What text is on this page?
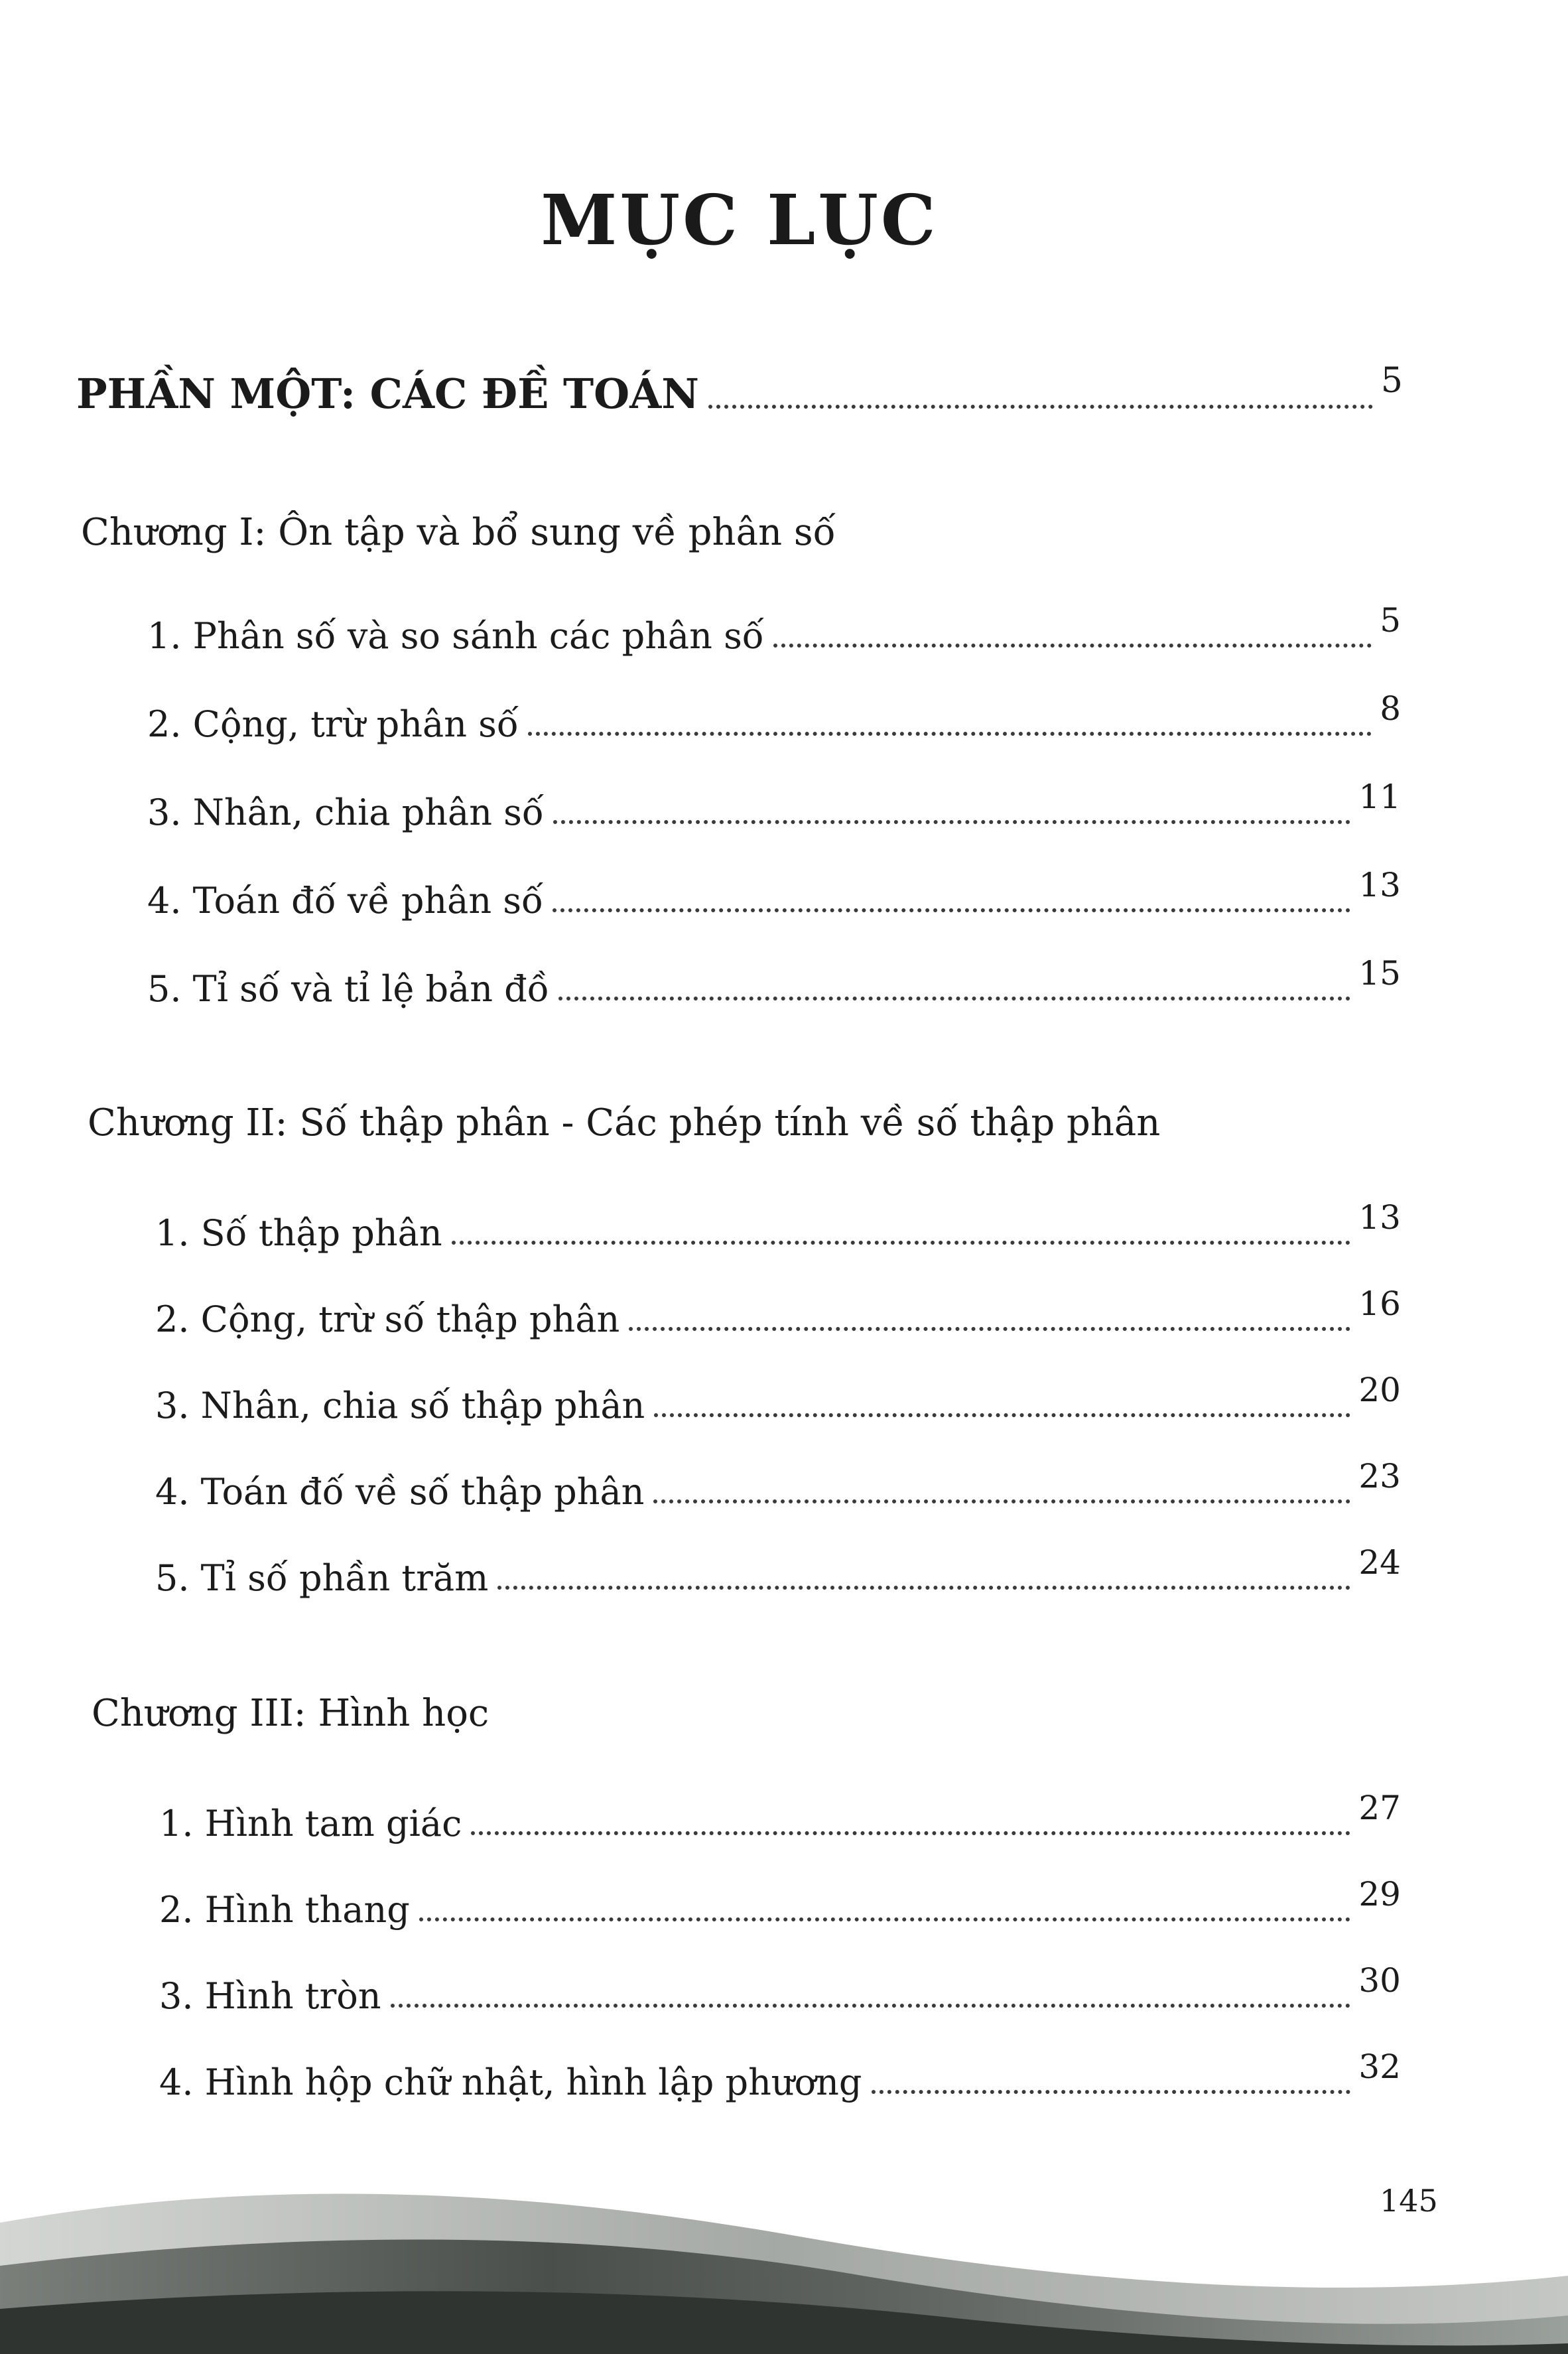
MỤC LỤC
PHẦN MỘT: CÁC ĐỀ TOÁN	5
Chương I: Ôn tập và bổ sung về phân số
1. Phân số và so sánh các phân số	5
2. Cộng, trừ phân số	8
3. Nhân, chia phân số	11
4. Toán đố về phân số	13
5. Tỉ số và tỉ lệ bản đồ	15
Chương II: Số thập phân - Các phép tính về số thập phân
1. Số thập phân	13
2. Cộng, trừ số thập phân	16
3. Nhân, chia số thập phân	20
4. Toán đố về số thập phân	23
5. Tỉ số phần trăm	24
Chương III: Hình học
1. Hình tam giác	27
2. Hình thang	29
3. Hình tròn	30
4. Hình hộp chữ nhật, hình lập phương	32
145
